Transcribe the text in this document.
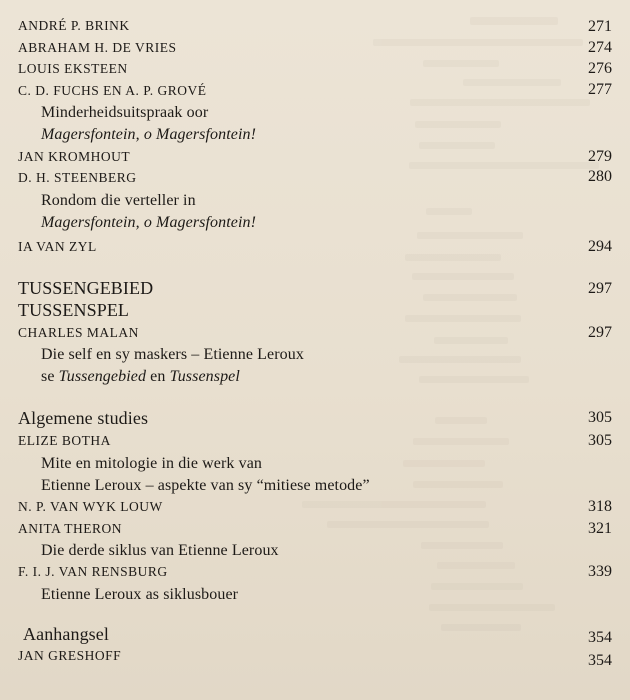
ANDRÉ P. BRINK	271
ABRAHAM H. DE VRIES	274
LOUIS EKSTEEN	276
C. D. FUCHS EN A. P. GROVÉ	277
Minderheidsuitspraak oor
Magersfontein, o Magersfontein!
JAN KROMHOUT	279
D. H. STEENBERG	280
Rondom die verteller in
Magersfontein, o Magersfontein!
IA VAN ZYL	294
TUSSENGEBIED	297
TUSSENSPEL
CHARLES MALAN	297
Die self en sy maskers – Etienne Leroux
se Tussengebied en Tussenspel
Algemene studies	305
ELIZE BOTHA	305
Mite en mitologie in die werk van
Etienne Leroux – aspekte van sy “mitiese metode”
N. P. VAN WYK LOUW	318
ANITA THERON	321
Die derde siklus van Etienne Leroux
F. I. J. VAN RENSBURG	339
Etienne Leroux as siklusbouer
Aanhangsel	354
JAN GRESHOFF	354
